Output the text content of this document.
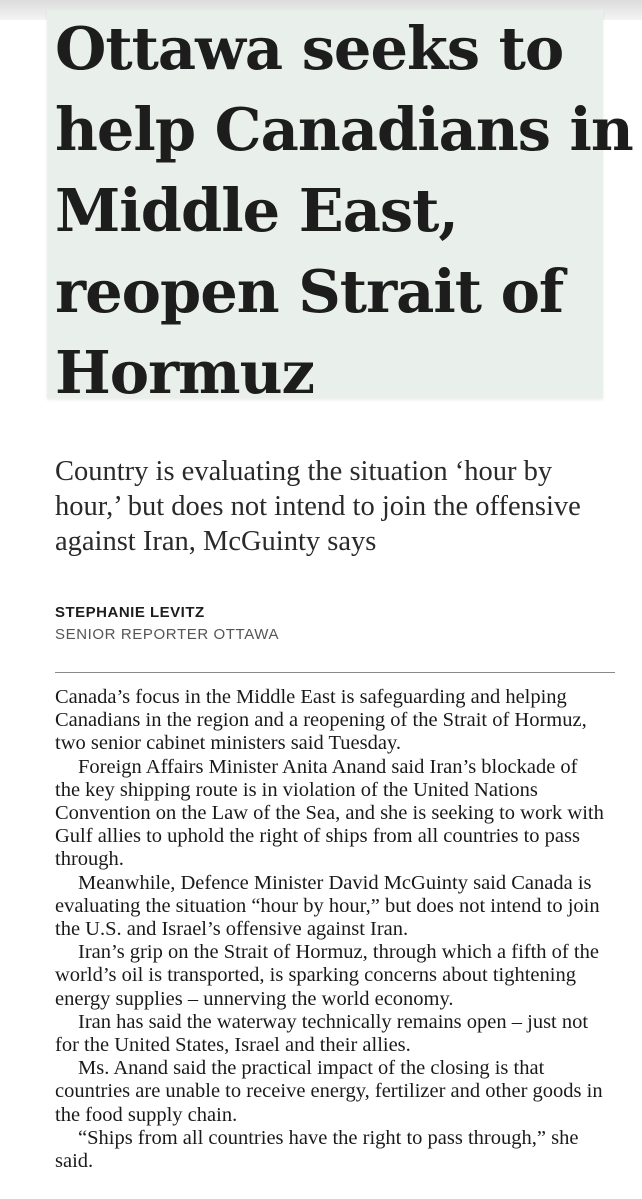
Ottawa seeks to help Canadians in Middle East, reopen Strait of Hormuz

Country is evaluating the situation ‘hour by hour,’ but does not intend to join the offensive against Iran, McGuinty says

STEPHANIE LEVITZ
SENIOR REPORTER OTTAWA

Canada’s focus in the Middle East is safeguarding and helping Canadians in the region and a reopening of the Strait of Hormuz, two senior cabinet ministers said Tuesday.

Foreign Affairs Minister Anita Anand said Iran’s blockade of the key shipping route is in violation of the United Nations Convention on the Law of the Sea, and she is seeking to work with Gulf allies to uphold the right of ships from all countries to pass through.

Meanwhile, Defence Minister David McGuinty said Canada is evaluating the situation “hour by hour,” but does not intend to join the U.S. and Israel’s offensive against Iran.

Iran’s grip on the Strait of Hormuz, through which a fifth of the world’s oil is transported, is sparking concerns about tightening energy supplies – unnerving the world economy.

Iran has said the waterway technically remains open – just not for the United States, Israel and their allies.

Ms. Anand said the practical impact of the closing is that countries are unable to receive energy, fertilizer and other goods in the food supply chain.

“Ships from all countries have the right to pass through,” she said.
